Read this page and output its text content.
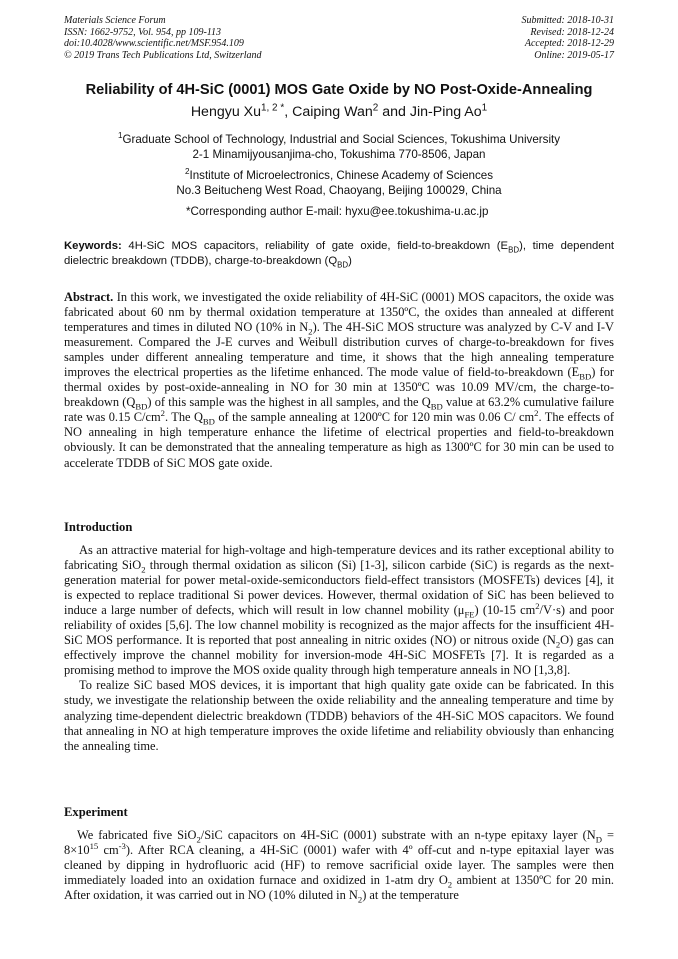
Materials Science Forum
ISSN: 1662-9752, Vol. 954, pp 109-113
doi:10.4028/www.scientific.net/MSF.954.109
© 2019 Trans Tech Publications Ltd, Switzerland
Submitted: 2018-10-31
Revised: 2018-12-24
Accepted: 2018-12-29
Online: 2019-05-17
Reliability of 4H-SiC (0001) MOS Gate Oxide by NO Post-Oxide-Annealing
Hengyu $Xu^{1, 2 *}$, Caiping Wan$^2$ and Jin-Ping Ao$^1$
$^1$Graduate School of Technology, Industrial and Social Sciences, Tokushima University
2-1 Minamijyousanjima-cho, Tokushima 770-8506, Japan
$^2$Institute of Microelectronics, Chinese Academy of Sciences
No.3 Beitucheng West Road, Chaoyang, Beijing 100029, China
*Corresponding author E-mail: hyxu@ee.tokushima-u.ac.jp
Keywords: 4H-SiC MOS capacitors, reliability of gate oxide, field-to-breakdown $(E_{BD})$, time dependent dielectric breakdown (TDDB), charge-to-breakdown $(Q_{BD})$
Abstract. In this work, we investigated the oxide reliability of 4H-SiC (0001) MOS capacitors, the oxide was fabricated about 60 nm by thermal oxidation temperature at 1350ºC, the oxides than annealed at different temperatures and times in diluted NO (10% in $N_2$). The 4H-SiC MOS structure was analyzed by C-V and I-V measurement. Compared the J-E curves and Weibull distribution curves of charge-to-breakdown for fives samples under different annealing temperature and time, it shows that the high annealing temperature improves the electrical properties as the lifetime enhanced. The mode value of field-to-breakdown $(E_{BD})$ for thermal oxides by post-oxide-annealing in NO for 30 min at 1350ºC was 10.09 MV/cm, the charge-to-breakdown $(Q_{BD})$ of this sample was the highest in all samples, and the $Q_{BD}$ value at 63.2% cumulative failure rate was 0.15 $C/cm^2$. The $Q_{BD}$ of the sample annealing at 1200ºC for 120 min was 0.06 C/ $cm^2$. The effects of NO annealing in high temperature enhance the lifetime of electrical properties and field-to-breakdown obviously. It can be demonstrated that the annealing temperature as high as 1300ºC for 30 min can be used to accelerate TDDB of SiC MOS gate oxide.
Introduction

As an attractive material for high-voltage and high-temperature devices and its rather exceptional ability to fabricating SiO$_2$ through thermal oxidation as silicon (Si) [1-3], silicon carbide (SiC) is regards as the next-generation material for power metal-oxide-semiconductors field-effect transistors (MOSFETs) devices [4], it is expected to replace traditional Si power devices. However, thermal oxidation of SiC has been believed to induce a large number of defects, which will result in low channel mobility $(\mu_{FE})$ (10-15 $cm^2/V\cdot s$) and poor reliability of oxides [5,6]. The low channel mobility is recognized as the major affects for the insufficient 4H-SiC MOS performance. It is reported that post annealing in nitric oxides (NO) or nitrous oxide $(N_2O)$ gas can effectively improve the channel mobility for inversion-mode 4H-SiC MOSFETs [7]. It is regarded as a promising method to improve the MOS oxide quality through high temperature anneals in NO [1,3,8].

To realize SiC based MOS devices, it is important that high quality gate oxide can be fabricated. In this study, we investigate the relationship between the oxide reliability and the annealing temperature and time by analyzing time-dependent dielectric breakdown (TDDB) behaviors of the 4H-SiC MOS capacitors. We found that annealing in NO at high temperature improves the oxide lifetime and reliability obviously than enhancing the annealing time.

Experiment

We fabricated five SiO$_2$/SiC capacitors on 4H-SiC (0001) substrate with an n-type epitaxy layer ($N_D = 8\times 10^{15}$ $cm^{-3}$). After RCA cleaning, a 4H-SiC (0001) wafer with 4º off-cut and n-type epitaxial layer was cleaned by dipping in hydrofluoric acid (HF) to remove sacrificial oxide layer. The samples were then immediately loaded into an oxidation furnace and oxidized in 1-atm dry $O_2$ ambient at 1350ºC for 20 min. After oxidation, it was carried out in NO (10% diluted in $N_2$) at the temperature
